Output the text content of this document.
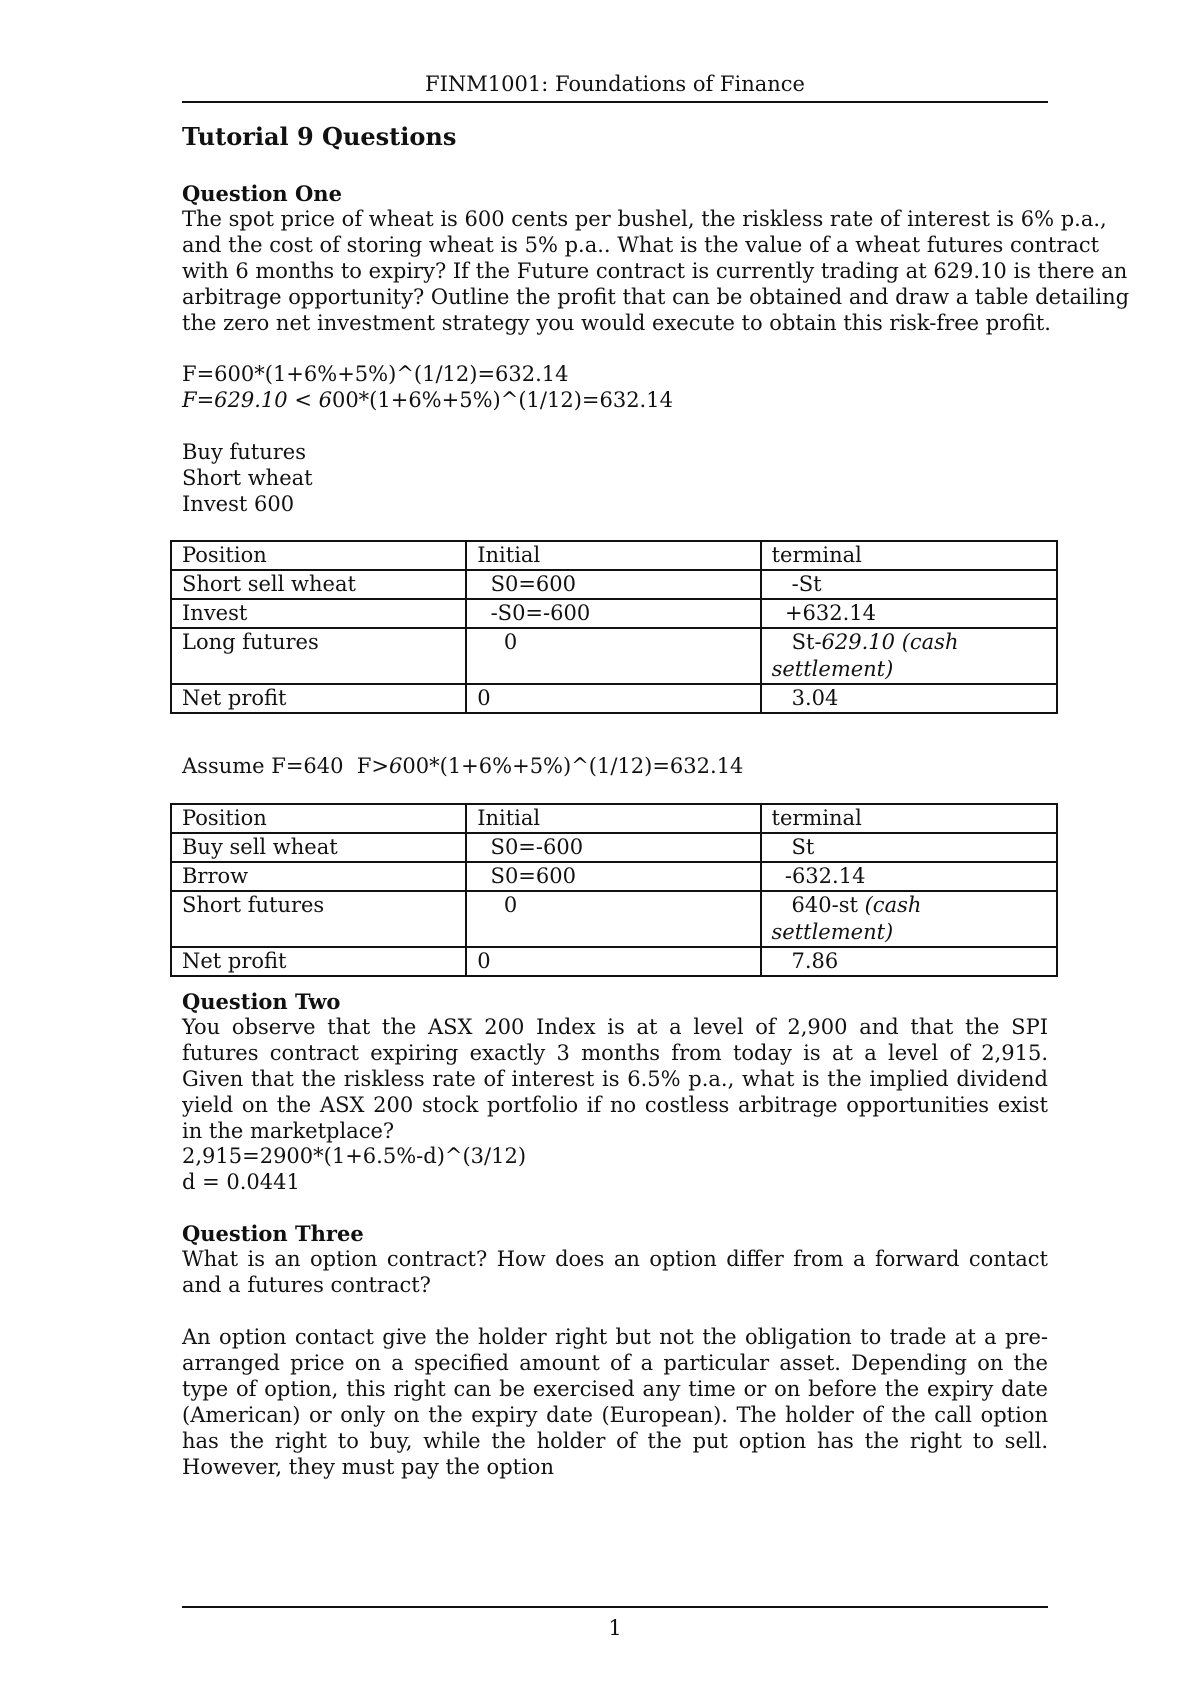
FINM1001: Foundations of Finance
Tutorial 9 Questions
Question One
The spot price of wheat is 600 cents per bushel, the riskless rate of interest is 6% p.a.,
and the cost of storing wheat is 5% p.a.. What is the value of a wheat futures contract
with 6 months to expiry? If the Future contract is currently trading at 629.10 is there an
arbitrage opportunity? Outline the profit that can be obtained and draw a table detailing
the zero net investment strategy you would execute to obtain this risk-free profit.
F=600*(1+6%+5%)^(1/12)=632.14
F=629.10 < 600*(1+6%+5%)^(1/12)=632.14
Buy futures
Short wheat
Invest 600
Position	Initial	terminal
Short sell wheat	S0=600	-St
Invest	-S0=-600	+632.14
Long futures	0	St-629.10 (cash
settlement)
Net profit	0	3.04
Assume F=640  F>600*(1+6%+5%)^(1/12)=632.14
Position	Initial	terminal
Buy sell wheat	S0=-600	St
Brrow	S0=600	-632.14
Short futures	0	640-st (cash settlement)
Net profit	0	7.86
Question Two
You observe that the ASX 200 Index is at a level of 2,900 and that the SPI futures contract expiring exactly 3 months from today is at a level of 2,915. Given that the riskless rate of interest is 6.5% p.a., what is the implied dividend yield on the ASX 200 stock portfolio if no costless arbitrage opportunities exist in the marketplace?
2,915=2900*(1+6.5%-d)^(3/12)
d = 0.0441
Question Three
What is an option contract? How does an option differ from a forward contact and a futures contract?
An option contact give the holder right but not the obligation to trade at a pre-arranged price on a specified amount of a particular asset. Depending on the type of option, this right can be exercised any time or on before the expiry date (American) or only on the expiry date (European). The holder of the call option has the right to buy, while the holder of the put option has the right to sell. However, they must pay the option
1
